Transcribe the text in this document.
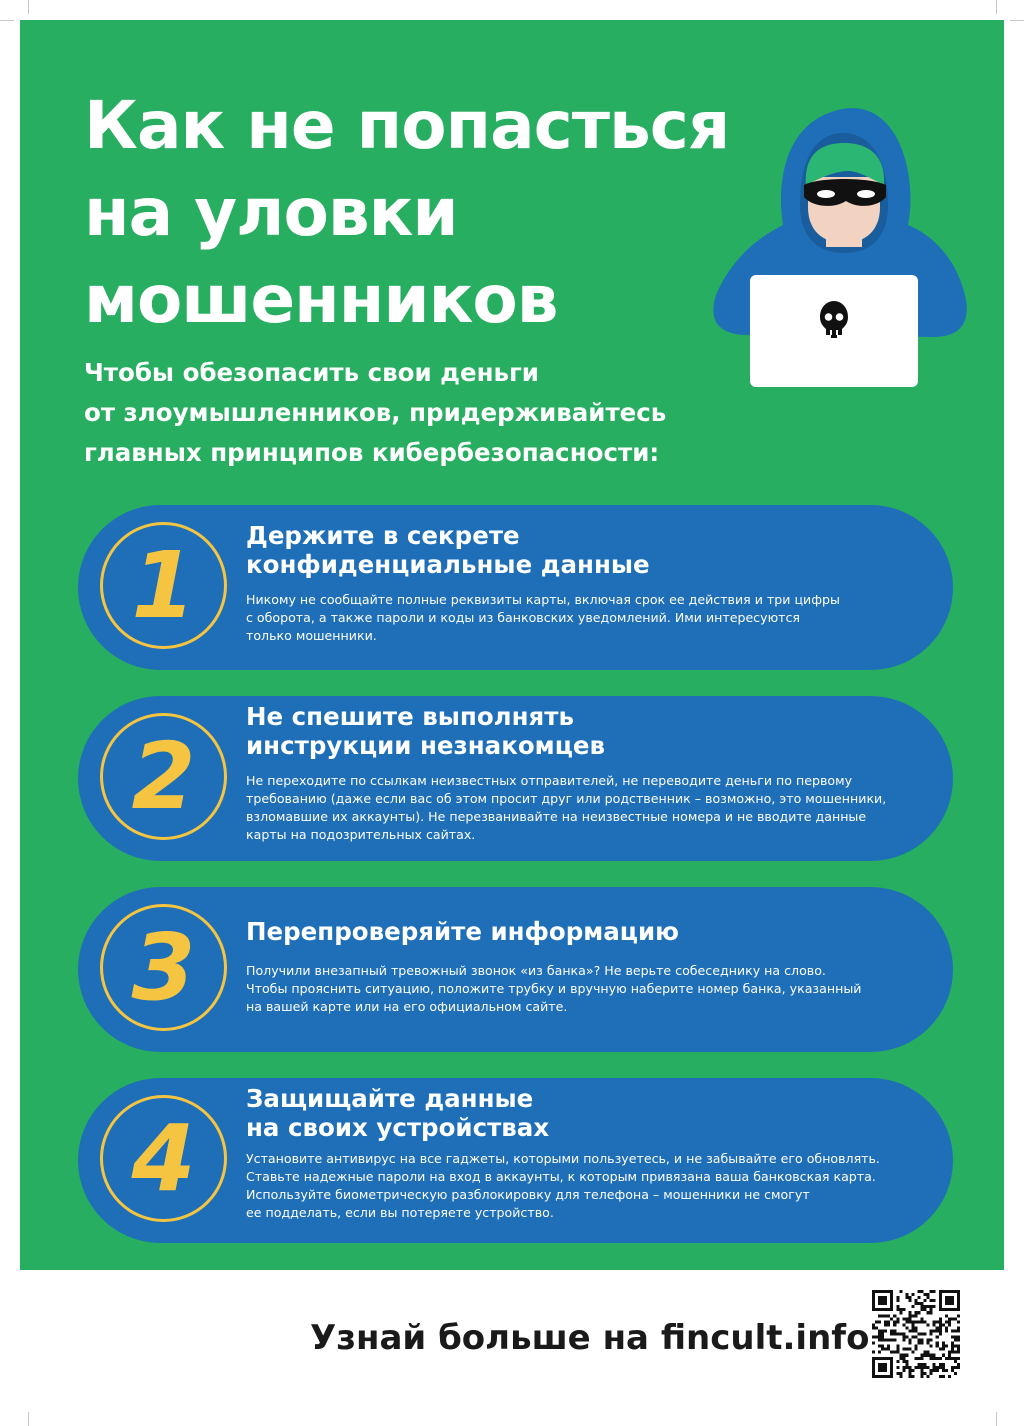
Как не попасться
на уловки
мошенников

Чтобы обезопасить свои деньги
от злоумышленников, придерживайтесь
главных принципов кибербезопасности:

1	Держите в секрете
конфиденциальные данные

Никому не сообщайте полные реквизиты карты, включая срок ее действия и три цифры
с оборота, а также пароли и коды из банковских уведомлений. Ими интересуются
только мошенники.

2
Не спешите выполнять
инструкции незнакомцев

Не переходите по ссылкам неизвестных отправителей, не переводите деньги по первому
требованию (даже если вас об этом просит друг или родственник – возможно, это мошенники,
взломавшие их аккаунты). Не перезванивайте на неизвестные номера и не вводите данные
карты на подозрительных сайтах.

3	Перепроверяйте информацию

Получили внезапный тревожный звонок «из банка»? Не верьте собеседнику на слово.
Чтобы прояснить ситуацию, положите трубку и вручную наберите номер банка, указанный
на вашей карте или на его официальном сайте.

4
Защищайте данные
на своих устройствах

Установите антивирус на все гаджеты, которыми пользуетесь, и не забывайте его обновлять.
Ставьте надежные пароли на вход в аккаунты, к которым привязана ваша банковская карта.
Используйте биометрическую разблокировку для телефона – мошенники не смогут
ее подделать, если вы потеряете устройство.

Узнай больше на fincult.info
